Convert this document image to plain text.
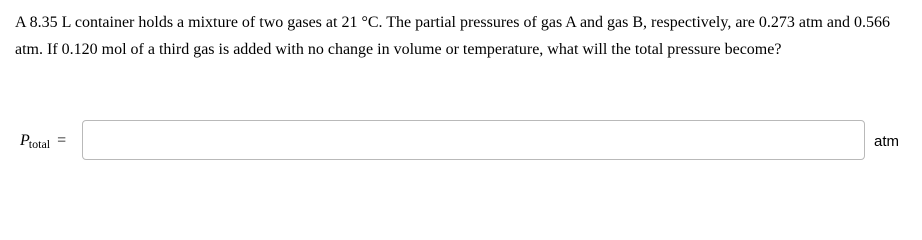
A 8.35 L container holds a mixture of two gases at 21 °C. The partial pressures of gas A and gas B, respectively, are 0.273 atm and 0.566 atm. If 0.120 mol of a third gas is added with no change in volume or temperature, what will the total pressure become?

Ptotal =	atm
